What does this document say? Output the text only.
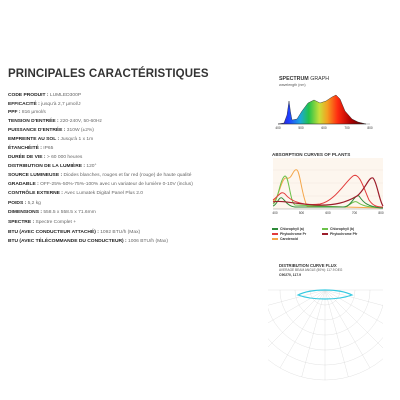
PRINCIPALES CARACTÉRISTIQUES
CODE PRODUIT : LUMLED300P
EFFICACITÉ : jusqu'à 2,7 µmol/J
PPF : 816 µmol/s
TENSION D'ENTRÉE : 220-240V, 50-60Hz
PUISSANCE D'ENTRÉE : 310W (±2%)
EMPREINTE AU SOL : Jusqu'à 1 x 1m
ÉTANCHÉITÉ : IP65
DURÉE DE VIE : > 60 000 heures
DISTRIBUTION DE LA LUMIÈRE : 120°
SOURCE LUMINEUSE : Diodes blanches, rouges et far red (rouge) de haute qualité
GRADABLE : OFF-25%-50%-75%-100% avec un variateur de lumière 0-10V (inclus)
CONTRÔLE EXTERNE : Avec Lumatek Digital Panel Plus 2.0
POIDS : 5,2 kg
DIMENSIONS : 558.5 x 558.5 x 71.6mm
SPECTRE : Spectre Complet +
BTU (AVEC CONDUCTEUR ATTACHÉ) : 1092 BTU/h (Max)
BTU (AVEC TÉLÉCOMMANDE DU CONDUCTEUR) : 1006 BTU/h (Max)
400	500	600	700	800
SPECTRUM GRAPH
wavelength (nm)
ABSORPTION CURVES OF PLANTS
400	500	600	700	800
DISTRIBUTION CURVE FLUX
AVERAGE BEAM ANGLE (50%): 117.9 DEG
C90270, 117.9
Chlorophyll (a)	Chlorophyll (b)
Phytochrome Pr	Phytochrome Pfr
Carotenoid
